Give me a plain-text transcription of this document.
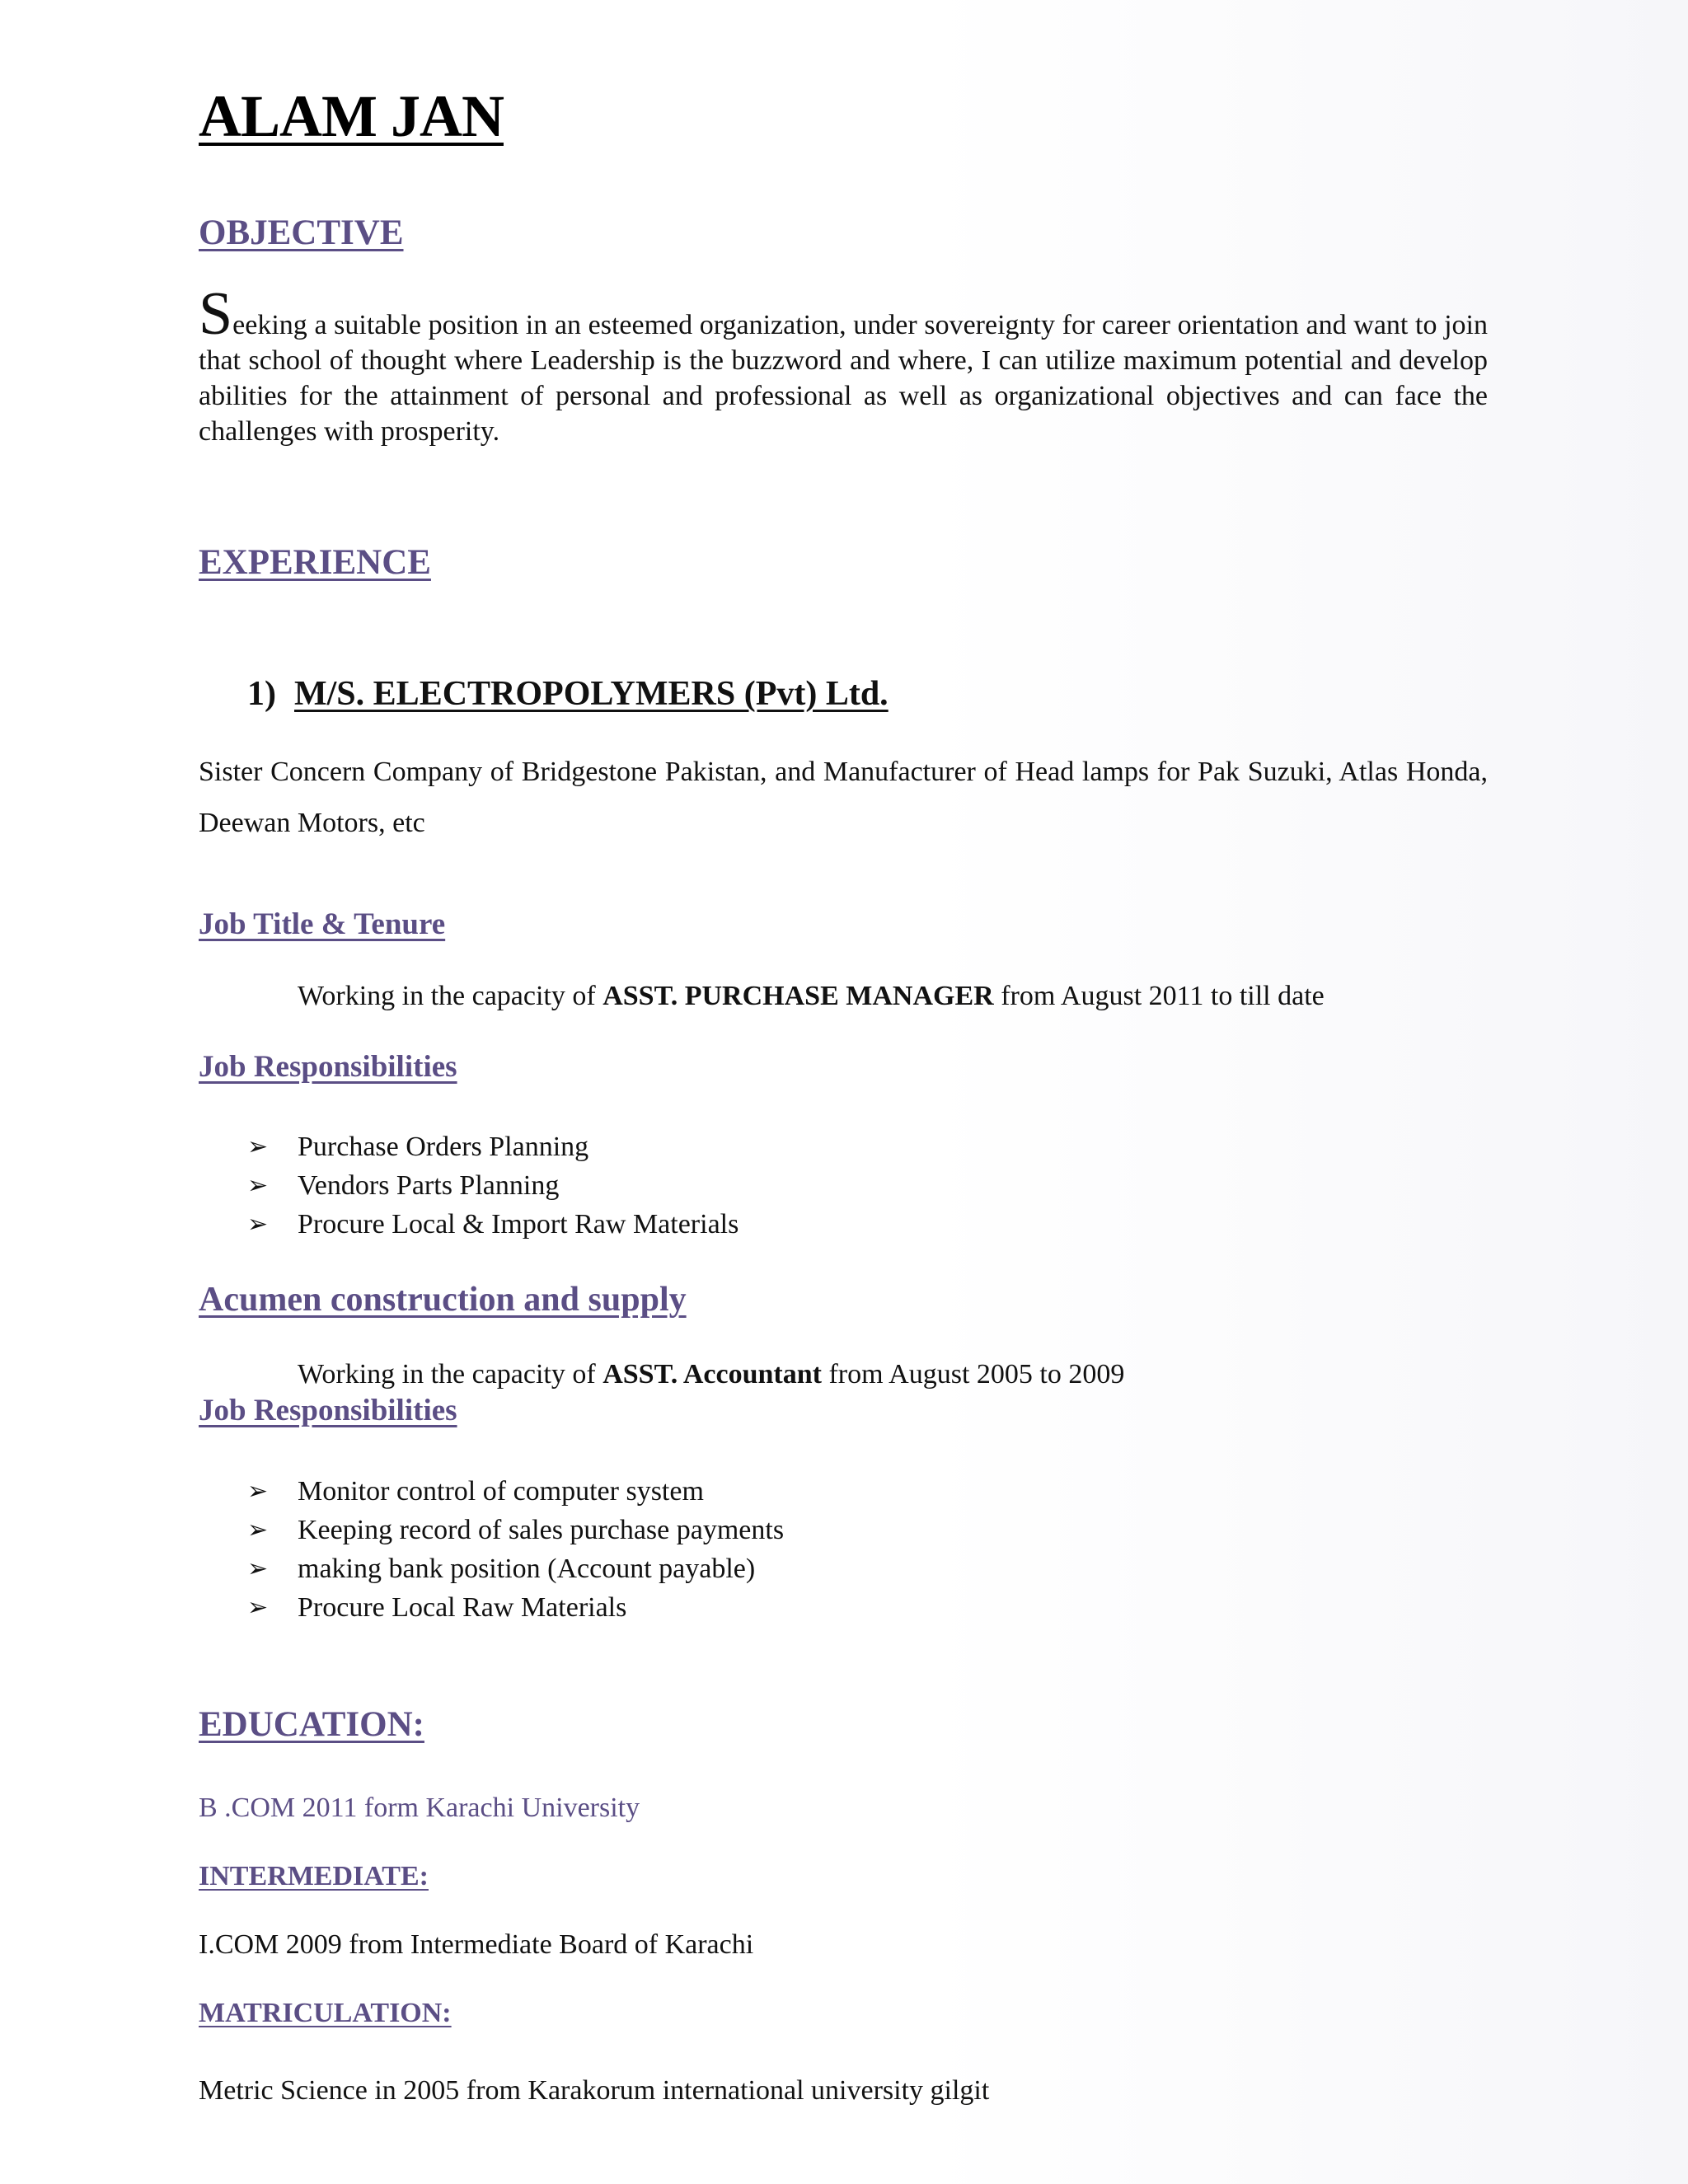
ALAM JAN
OBJECTIVE
Seeking a suitable position in an esteemed organization, under sovereignty for career orientation and want to join that school of thought where Leadership is the buzzword and where, I can utilize maximum potential and develop abilities for the attainment of personal and professional as well as organizational objectives and can face the challenges with prosperity.
EXPERIENCE
1) M/S. ELECTROPOLYMERS (Pvt) Ltd.
Sister Concern Company of Bridgestone Pakistan, and Manufacturer of Head lamps for Pak Suzuki, Atlas Honda, Deewan Motors, etc
Job Title & Tenure
Working in the capacity of ASST. PURCHASE MANAGER from August 2011 to till date
Job Responsibilities
➢	Purchase Orders Planning
➢	Vendors Parts Planning
➢	Procure Local & Import Raw Materials
Acumen construction and supply
Working in the capacity of ASST. Accountant from August 2005 to 2009
Job Responsibilities
➢	Monitor control of computer system
➢	Keeping record of sales purchase payments
➢	making bank position (Account payable)
➢	Procure Local Raw Materials
EDUCATION:
B .COM 2011 form Karachi University
INTERMEDIATE:
I.COM 2009 from Intermediate Board of Karachi
MATRICULATION:
Metric Science in 2005 from Karakorum international university gilgit
